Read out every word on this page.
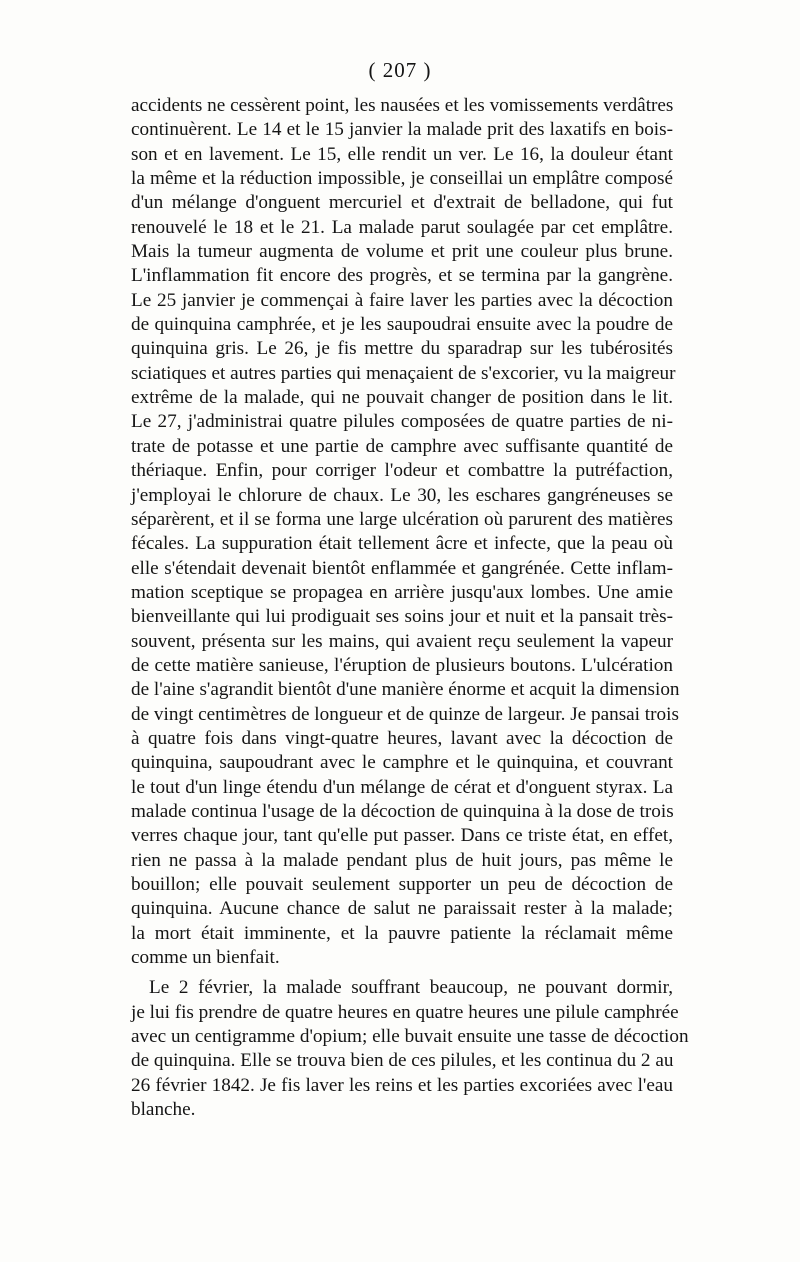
( 207 )
accidents ne cessèrent point, les nausées et les vomissements verdâtres
continuèrent. Le 14 et le 15 janvier la malade prit des laxatifs en bois-
son et en lavement. Le 15, elle rendit un ver. Le 16, la douleur étant
la même et la réduction impossible, je conseillai un emplâtre composé
d'un mélange d'onguent mercuriel et d'extrait de belladone, qui fut
renouvelé le 18 et le 21. La malade parut soulagée par cet emplâtre.
Mais la tumeur augmenta de volume et prit une couleur plus brune.
L'inflammation fit encore des progrès, et se termina par la gangrène.
Le 25 janvier je commençai à faire laver les parties avec la décoction
de quinquina camphrée, et je les saupoudrai ensuite avec la poudre de
quinquina gris. Le 26, je fis mettre du sparadrap sur les tubérosités
sciatiques et autres parties qui menaçaient de s'excorier, vu la maigreur
extrême de la malade, qui ne pouvait changer de position dans le lit.
Le 27, j'administrai quatre pilules composées de quatre parties de ni-
trate de potasse et une partie de camphre avec suffisante quantité de
thériaque. Enfin, pour corriger l'odeur et combattre la putréfaction,
j'employai le chlorure de chaux. Le 30, les eschares gangréneuses se
séparèrent, et il se forma une large ulcération où parurent des matières
fécales. La suppuration était tellement âcre et infecte, que la peau où
elle s'étendait devenait bientôt enflammée et gangrénée. Cette inflam-
mation sceptique se propagea en arrière jusqu'aux lombes. Une amie
bienveillante qui lui prodiguait ses soins jour et nuit et la pansait très-
souvent, présenta sur les mains, qui avaient reçu seulement la vapeur
de cette matière sanieuse, l'éruption de plusieurs boutons. L'ulcération
de l'aine s'agrandit bientôt d'une manière énorme et acquit la dimension
de vingt centimètres de longueur et de quinze de largeur. Je pansai trois
à quatre fois dans vingt-quatre heures, lavant avec la décoction de
quinquina, saupoudrant avec le camphre et le quinquina, et couvrant
le tout d'un linge étendu d'un mélange de cérat et d'onguent styrax. La
malade continua l'usage de la décoction de quinquina à la dose de trois
verres chaque jour, tant qu'elle put passer. Dans ce triste état, en effet,
rien ne passa à la malade pendant plus de huit jours, pas même le
bouillon; elle pouvait seulement supporter un peu de décoction de
quinquina. Aucune chance de salut ne paraissait rester à la malade;
la mort était imminente, et la pauvre patiente la réclamait même
comme un bienfait.
Le 2 février, la malade souffrant beaucoup, ne pouvant dormir,
je lui fis prendre de quatre heures en quatre heures une pilule camphrée
avec un centigramme d'opium; elle buvait ensuite une tasse de décoction
de quinquina. Elle se trouva bien de ces pilules, et les continua du 2 au
26 février 1842. Je fis laver les reins et les parties excoriées avec l'eau
blanche.
